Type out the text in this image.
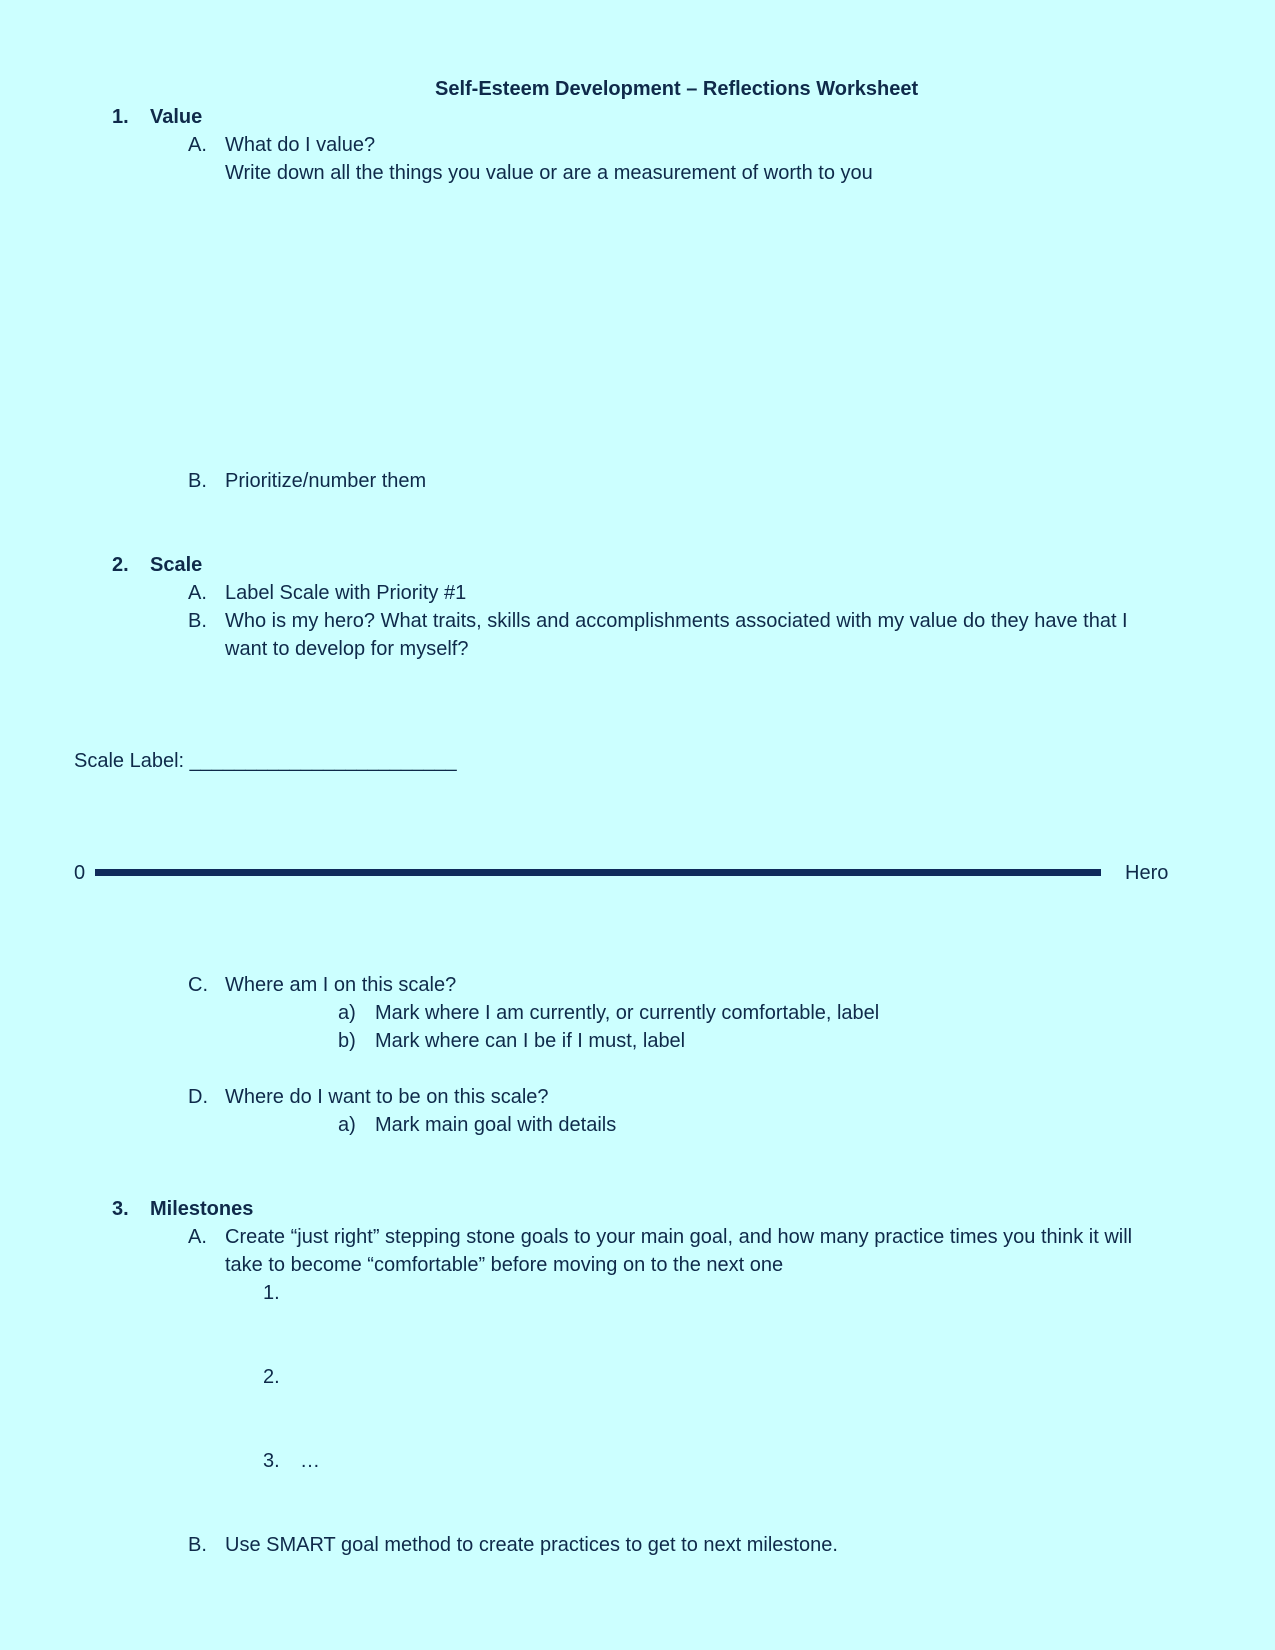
Self-Esteem Development – Reflections Worksheet
1. Value
A. What do I value?
Write down all the things you value or are a measurement of worth to you
B. Prioritize/number them
2. Scale
A. Label Scale with Priority #1
B. Who is my hero? What traits, skills and accomplishments associated with my value do they have that I
want to develop for myself?
Scale Label: ________________________
0	Hero
C. Where am I on this scale?
a) Mark where I am currently, or currently comfortable, label
b) Mark where can I be if I must, label
D. Where do I want to be on this scale?
a) Mark main goal with details
3. Milestones
A. Create “just right” stepping stone goals to your main goal, and how many practice times you think it will
take to become “comfortable” before moving on to the next one
1.
2.
3. …
B. Use SMART goal method to create practices to get to next milestone.
